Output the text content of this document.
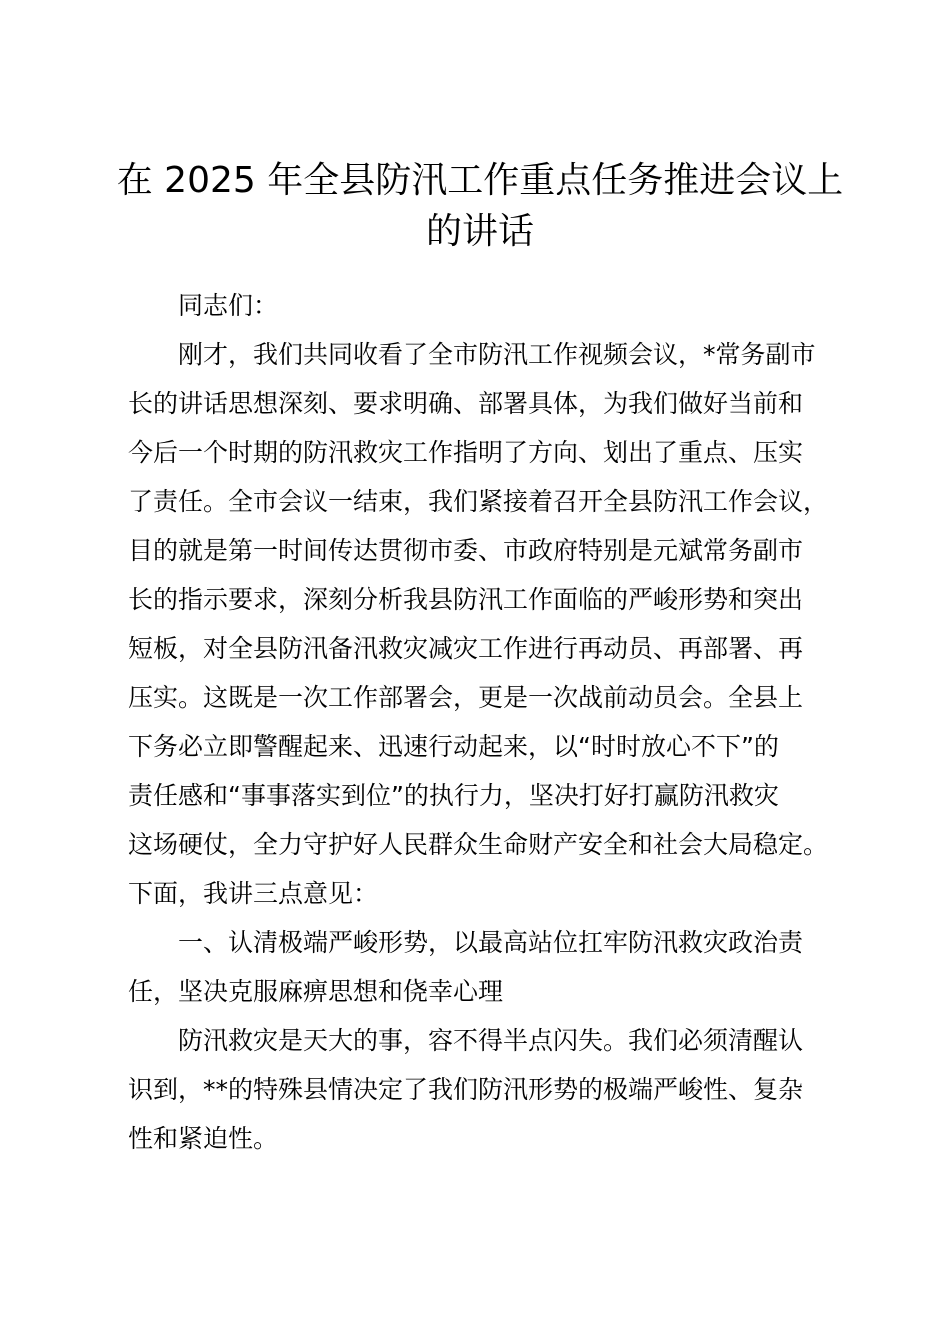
在 2025 年全县防汛工作重点任务推进会议上
的讲话
同志们：
刚才，我们共同收看了全市防汛工作视频会议，*常务副市
长的讲话思想深刻、要求明确、部署具体，为我们做好当前和
今后一个时期的防汛救灾工作指明了方向、划出了重点、压实
了责任。全市会议一结束，我们紧接着召开全县防汛工作会议，
目的就是第一时间传达贯彻市委、市政府特别是元斌常务副市
长的指示要求，深刻分析我县防汛工作面临的严峻形势和突出
短板，对全县防汛备汛救灾减灾工作进行再动员、再部署、再
压实。这既是一次工作部署会，更是一次战前动员会。全县上
下务必立即警醒起来、迅速行动起来，以“时时放心不下”的
责任感和“事事落实到位”的执行力，坚决打好打赢防汛救灾
这场硬仗，全力守护好人民群众生命财产安全和社会大局稳定。
下面，我讲三点意见：
一、认清极端严峻形势，以最高站位扛牢防汛救灾政治责
任，坚决克服麻痹思想和侥幸心理
防汛救灾是天大的事，容不得半点闪失。我们必须清醒认
识到，**的特殊县情决定了我们防汛形势的极端严峻性、复杂
性和紧迫性。
